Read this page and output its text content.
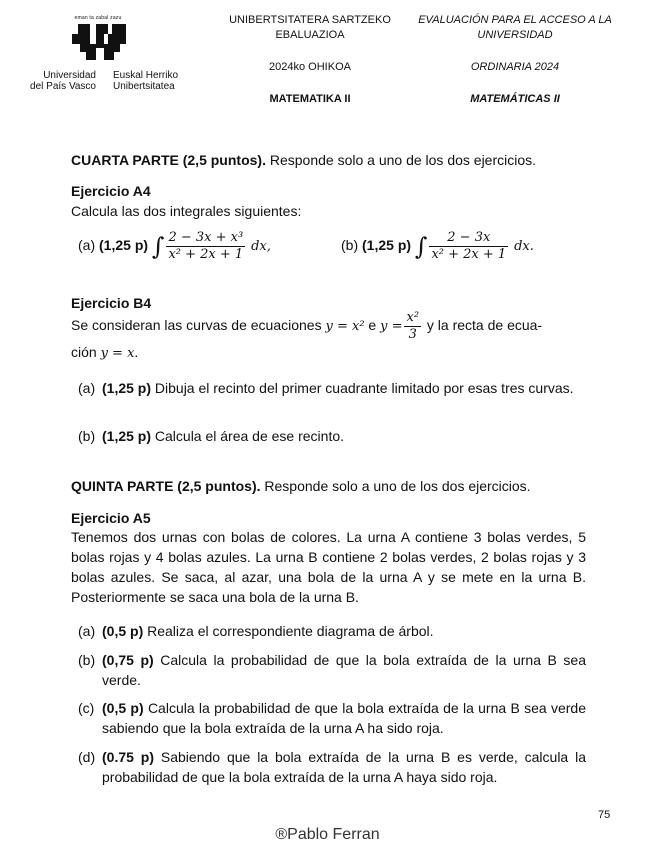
eman ta zabal zazu
Universidad
del País Vasco
Euskal Herriko
Unibertsitatea
UNIBERTSITATERA SARTZEKO
EBALUAZIOA
2024ko OHIKOA
MATEMATIKA II
EVALUACIÓN PARA EL ACCESO A LA
UNIVERSIDAD
ORDINARIA 2024
MATEMÁTICAS II
CUARTA PARTE (2,5 puntos). Responde solo a uno de los dos ejercicios.
Ejercicio A4
Calcula las dos integrales siguientes:
(a) (1,25 p) ∫ $\frac{\text{2 − 3x + x³}}{\text{x² + 2x + 1}}$ dx,	(b) (1,25 p) ∫ $\frac{2 - 3x}{\text{x² + 2x + 1}}$ dx.
Ejercicio B4
Se consideran las curvas de ecuaciones y = x² e $y = \frac{\text{x²}}{3}$ y la recta de ecua-
ción y = x.
(a) (1,25 p) Dibuja el recinto del primer cuadrante limitado por esas tres curvas.
(b) (1,25 p) Calcula el área de ese recinto.
QUINTA PARTE (2,5 puntos). Responde solo a uno de los dos ejercicios.
Ejercicio A5
Tenemos dos urnas con bolas de colores. La urna A contiene 3 bolas verdes, 5 bolas rojas y 4 bolas azules. La urna B contiene 2 bolas verdes, 2 bolas rojas y 3 bolas azules. Se saca, al azar, una bola de la urna A y se mete en la urna B. Posteriormente se saca una bola de la urna B.
(a) (0,5 p) Realiza el correspondiente diagrama de árbol.
(b) (0,75 p) Calcula la probabilidad de que la bola extraída de la urna B sea verde.
(c) (0,5 p) Calcula la probabilidad de que la bola extraída de la urna B sea verde sabiendo que la bola extraída de la urna A ha sido roja.
(d) (0.75 p) Sabiendo que la bola extraída de la urna B es verde, calcula la probabilidad de que la bola extraída de la urna A haya sido roja.
75
®Pablo Ferran
